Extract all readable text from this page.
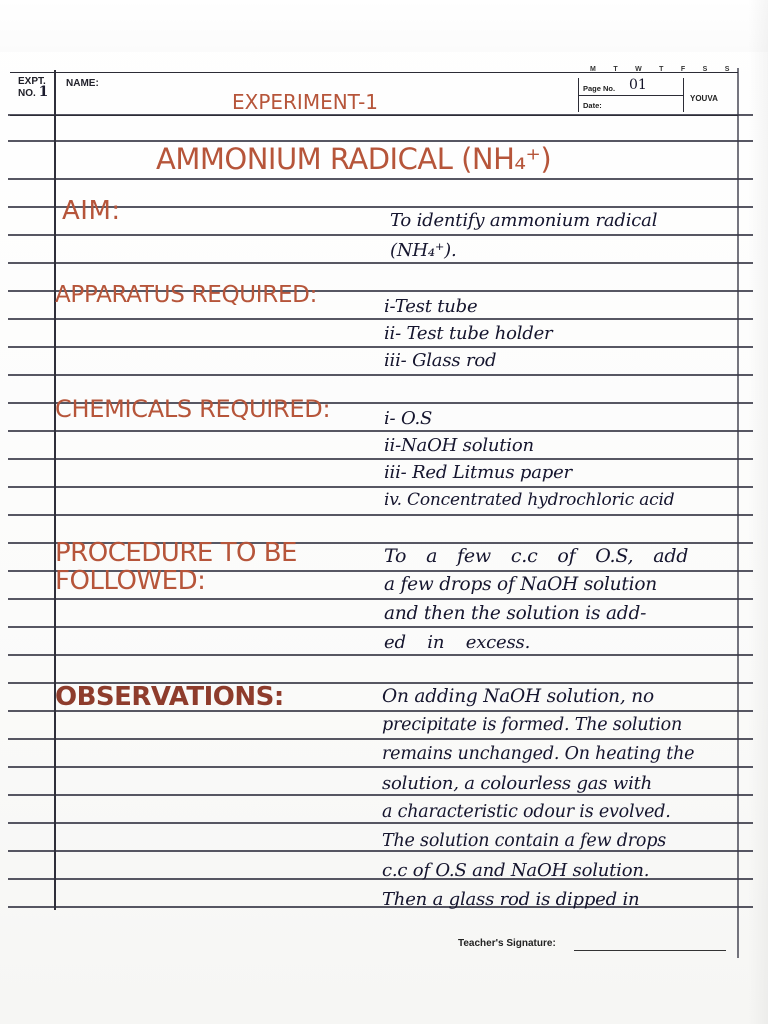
EXPT.
NO. 1
NAME:
M T W T F S S
Page No. 01
Date:
YOUVA
EXPERIMENT-1
AMMONIUM RADICAL (NH₄⁺)
AIM:	To identify ammonium radical
(NH₄⁺).
APPARATUS REQUIRED:	i-Test tube
ii- Test tube holder
iii- Glass rod
CHEMICALS REQUIRED:	i- O.S
ii-NaOH solution
iii- Red Litmus paper
iv. Concentrated hydrochloric acid
PROCEDURE TO BE
FOLLOWED:
To a few c.c of O.S, add
a few drops of NaOH solution
and then the solution is add-
ed in excess.
OBSERVATIONS:	On adding NaOH solution, no
precipitate is formed. The solution
remains unchanged. On heating the
solution, a colourless gas with
a characteristic odour is evolved.
The solution contain a few drops
c.c of O.S and NaOH solution.
Then a glass rod is dipped in
Teacher's Signature:
